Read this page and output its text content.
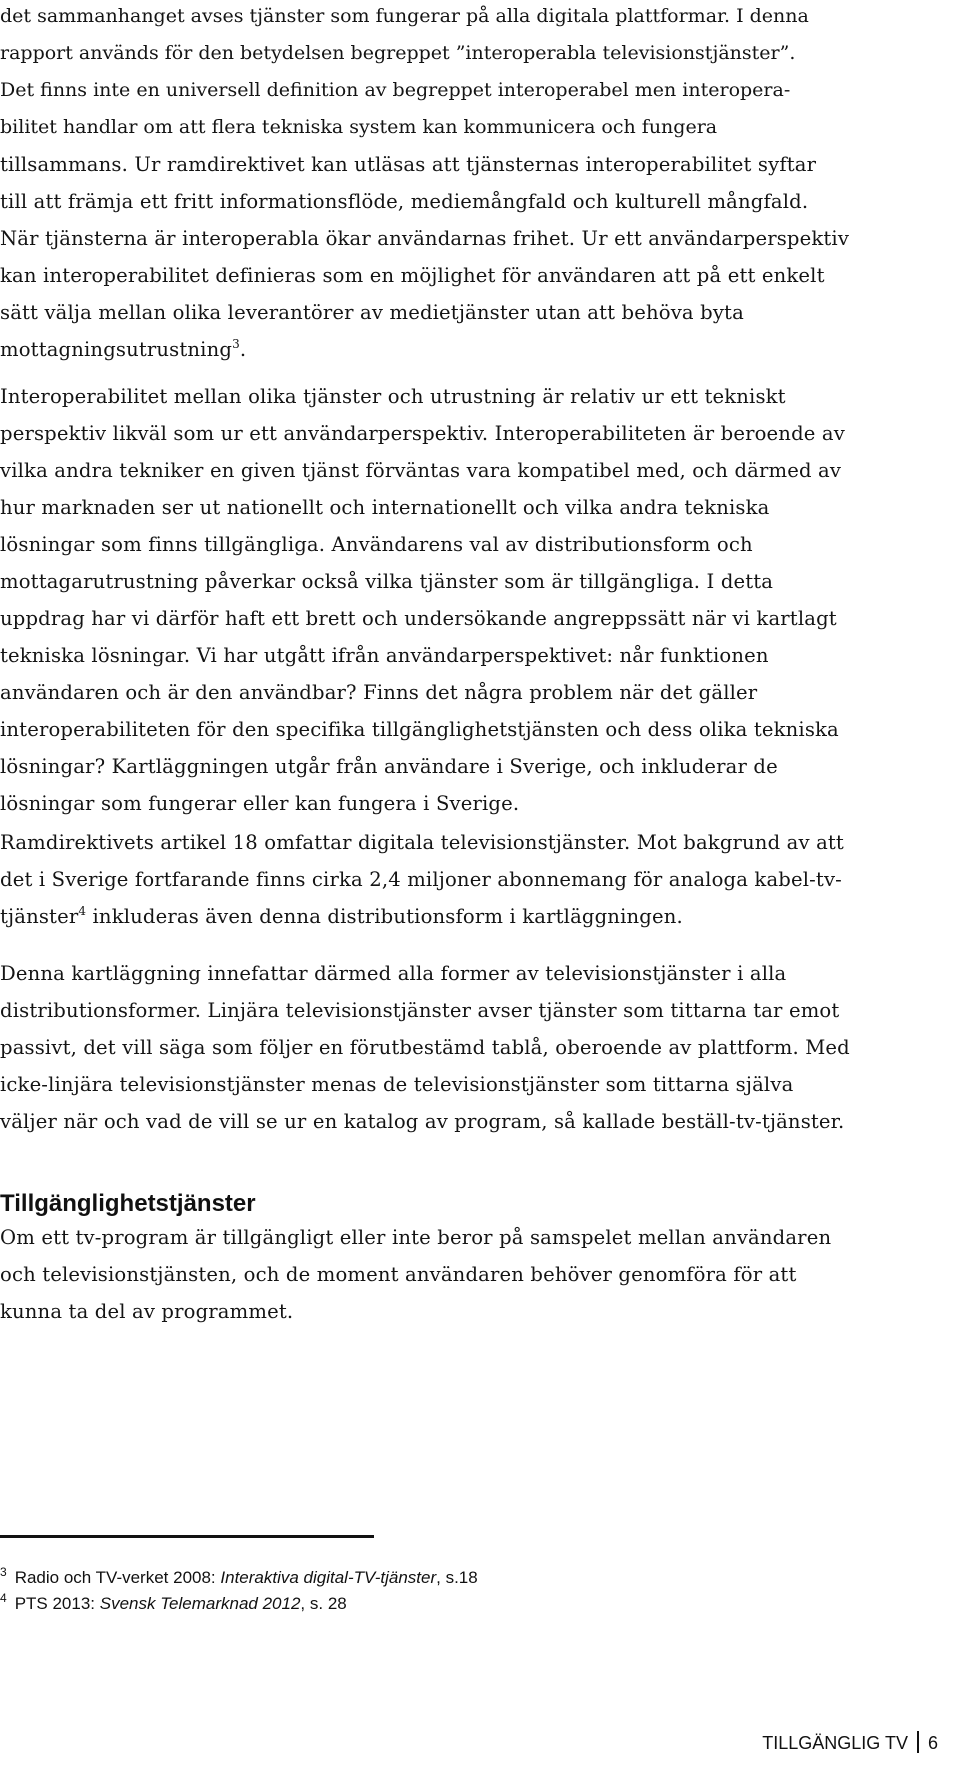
det sammanhanget avses tjänster som fungerar på alla digitala plattformar. I denna
rapport används för den betydelsen begreppet ”interoperabla televisionstjänster”.
Det finns inte en universell definition av begreppet interoperabel men interopera-
bilitet handlar om att flera tekniska system kan kommunicera och fungera
tillsammans. Ur ramdirektivet kan utläsas att tjänsternas interoperabilitet syftar
till att främja ett fritt informationsflöde, mediemångfald och kulturell mångfald.
När tjänsterna är interoperabla ökar användarnas frihet. Ur ett användarperspektiv
kan interoperabilitet definieras som en möjlighet för användaren att på ett enkelt
sätt välja mellan olika leverantörer av medietjänster utan att behöva byta
mottagningsutrustning$^3$.
Interoperabilitet mellan olika tjänster och utrustning är relativ ur ett tekniskt
perspektiv likväl som ur ett användarperspektiv. Interoperabiliteten är beroende av
vilka andra tekniker en given tjänst förväntas vara kompatibel med, och därmed av
hur marknaden ser ut nationellt och internationellt och vilka andra tekniska
lösningar som finns tillgängliga. Användarens val av distributionsform och
mottagarutrustning påverkar också vilka tjänster som är tillgängliga. I detta
uppdrag har vi därför haft ett brett och undersökande angreppssätt när vi kartlagt
tekniska lösningar. Vi har utgått ifrån användarperspektivet: når funktionen
användaren och är den användbar? Finns det några problem när det gäller
interoperabiliteten för den specifika tillgänglighetstjänsten och dess olika tekniska
lösningar? Kartläggningen utgår från användare i Sverige, och inkluderar de
lösningar som fungerar eller kan fungera i Sverige.
Ramdirektivets artikel 18 omfattar digitala televisionstjänster. Mot bakgrund av att
det i Sverige fortfarande finns cirka 2,4 miljoner abonnemang för analoga kabel-tv-
tjänster$^4$ inkluderas även denna distributionsform i kartläggningen.
Denna kartläggning innefattar därmed alla former av televisionstjänster i alla
distributionsformer. Linjära televisionstjänster avser tjänster som tittarna tar emot
passivt, det vill säga som följer en förutbestämd tablå, oberoende av plattform. Med
icke-linjära televisionstjänster menas de televisionstjänster som tittarna själva
väljer när och vad de vill se ur en katalog av program, så kallade beställ-tv-tjänster.
Tillgänglighetstjänster
Om ett tv-program är tillgängligt eller inte beror på samspelet mellan användaren
och televisionstjänsten, och de moment användaren behöver genomföra för att
kunna ta del av programmet.
$^3$ Radio och TV-verket 2008: Interaktiva digital-TV-tjänster, s.18
$^4$ PTS 2013: Svensk Telemarknad 2012, s. 28
TILLGÄNGLIG TV 6
